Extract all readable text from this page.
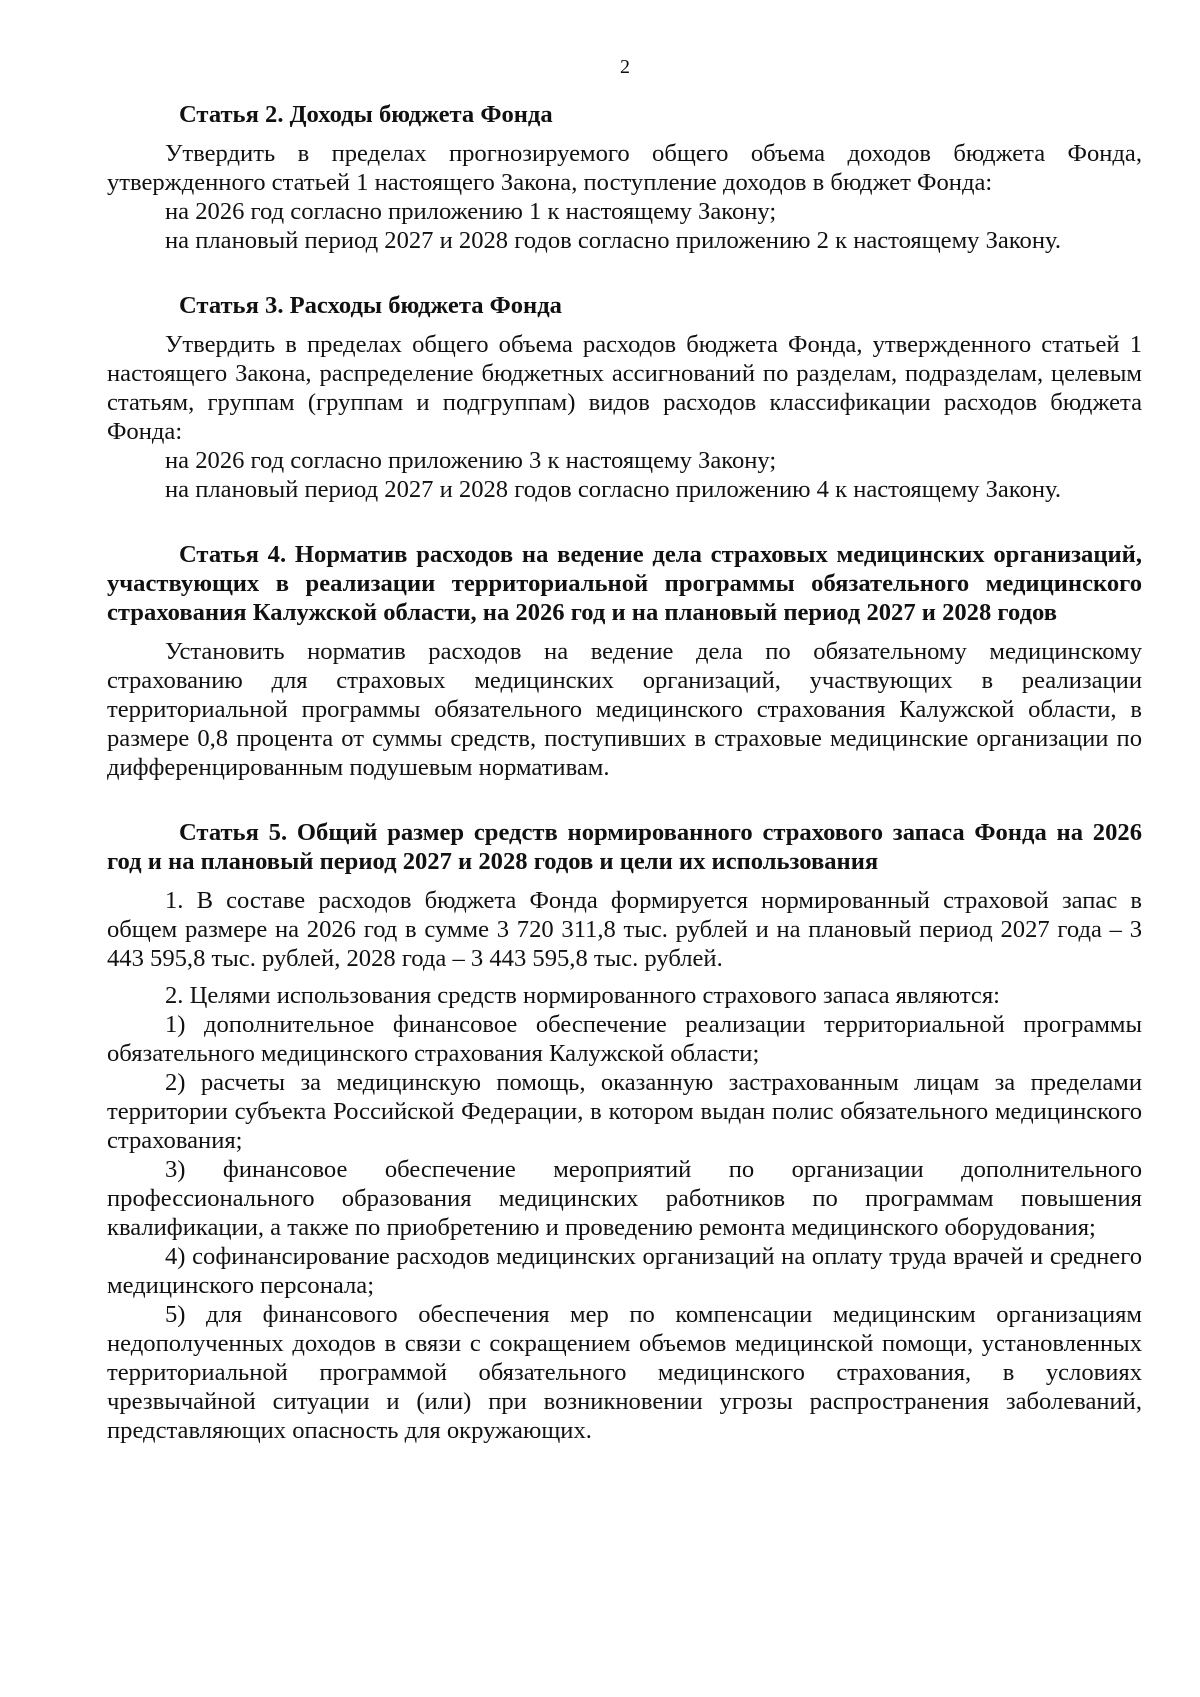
2
Статья 2. Доходы бюджета Фонда

Утвердить в пределах прогнозируемого общего объема доходов бюджета Фонда, утвержденного статьей 1 настоящего Закона, поступление доходов в бюджет Фонда:

на 2026 год согласно приложению 1 к настоящему Закону;

на плановый период 2027 и 2028 годов согласно приложению 2 к настоящему Закону.

Статья 3. Расходы бюджета Фонда

Утвердить в пределах общего объема расходов бюджета Фонда, утвержденного статьей 1 настоящего Закона, распределение бюджетных ассигнований по разделам, подразделам, целевым статьям, группам (группам и подгруппам) видов расходов классификации расходов бюджета Фонда:

на 2026 год согласно приложению 3 к настоящему Закону;

на плановый период 2027 и 2028 годов согласно приложению 4 к настоящему Закону.

Статья 4. Норматив расходов на ведение дела страховых медицинских организаций, участвующих в реализации территориальной программы обязательного медицинского страхования Калужской области, на 2026 год и на плановый период 2027 и 2028 годов

Установить норматив расходов на ведение дела по обязательному медицинскому страхованию для страховых медицинских организаций, участвующих в реализации территориальной программы обязательного медицинского страхования Калужской области, в размере 0,8 процента от суммы средств, поступивших в страховые медицинские организации по дифференцированным подушевым нормативам.

Статья 5. Общий размер средств нормированного страхового запаса Фонда на 2026 год и на плановый период 2027 и 2028 годов и цели их использования

1. В составе расходов бюджета Фонда формируется нормированный страховой запас в общем размере на 2026 год в сумме 3 720 311,8 тыс. рублей и на плановый период 2027 года – 3 443 595,8 тыс. рублей, 2028 года – 3 443 595,8 тыс. рублей.

2. Целями использования средств нормированного страхового запаса являются:

1) дополнительное финансовое обеспечение реализации территориальной программы обязательного медицинского страхования Калужской области;

2) расчеты за медицинскую помощь, оказанную застрахованным лицам за пределами территории субъекта Российской Федерации, в котором выдан полис обязательного медицинского страхования;

3) финансовое обеспечение мероприятий по организации дополнительного профессионального образования медицинских работников по программам повышения квалификации, а также по приобретению и проведению ремонта медицинского оборудования;

4) софинансирование расходов медицинских организаций на оплату труда врачей и среднего медицинского персонала;

5) для финансового обеспечения мер по компенсации медицинским организациям недополученных доходов в связи с сокращением объемов медицинской помощи, установленных территориальной программой обязательного медицинского страхования, в условиях чрезвычайной ситуации и (или) при возникновении угрозы распространения заболеваний, представляющих опасность для окружающих.
